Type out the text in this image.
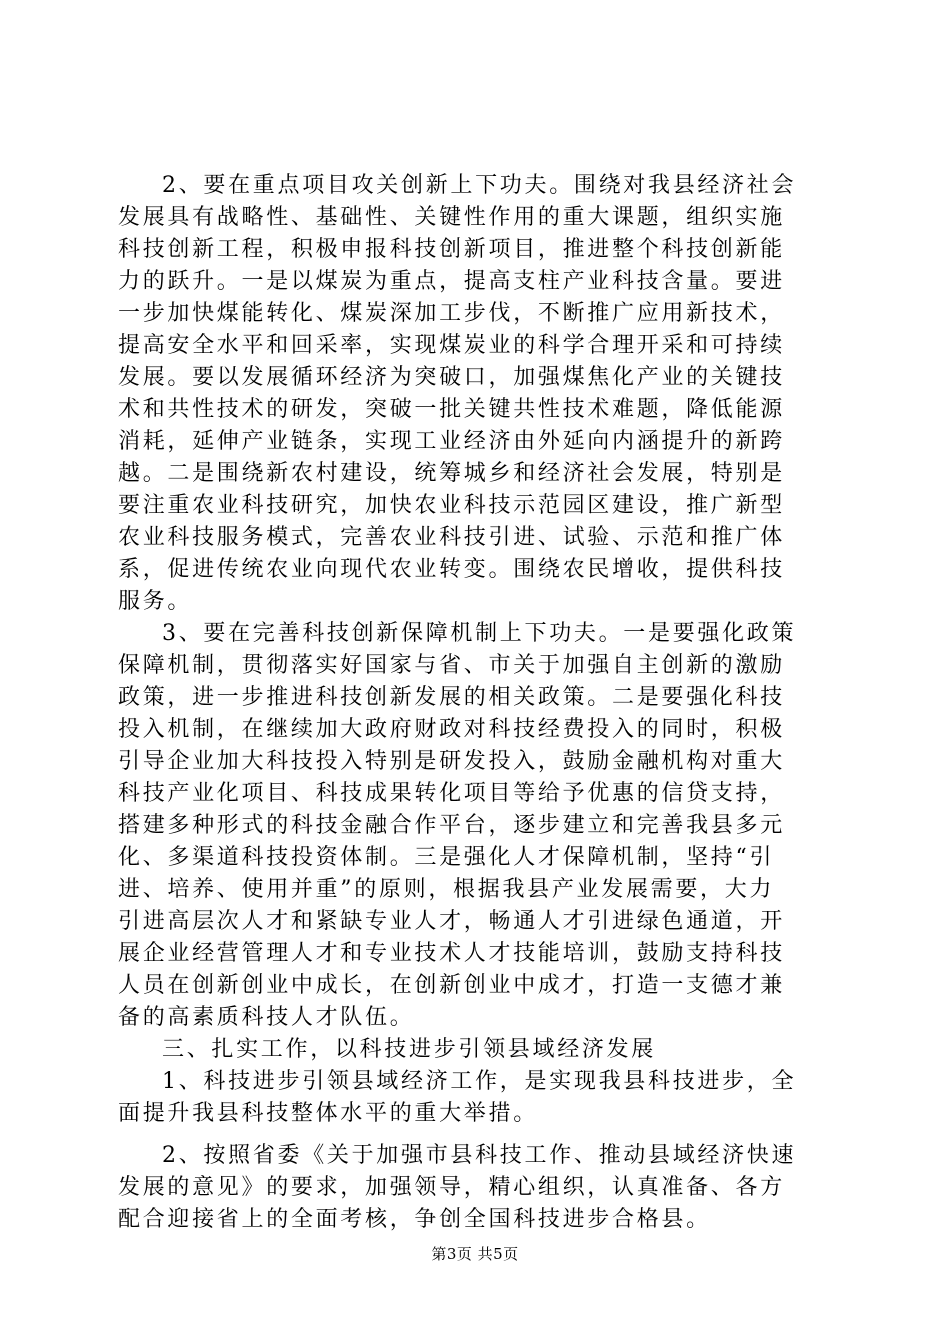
2、要在重点项目攻关创新上下功夫。围绕对我县经济社会
发展具有战略性、基础性、关键性作用的重大课题，组织实施
科技创新工程，积极申报科技创新项目，推进整个科技创新能
力的跃升。一是以煤炭为重点，提高支柱产业科技含量。要进
一步加快煤能转化、煤炭深加工步伐，不断推广应用新技术，
提高安全水平和回采率，实现煤炭业的科学合理开采和可持续
发展。要以发展循环经济为突破口，加强煤焦化产业的关键技
术和共性技术的研发，突破一批关键共性技术难题，降低能源
消耗，延伸产业链条，实现工业经济由外延向内涵提升的新跨
越。二是围绕新农村建设，统筹城乡和经济社会发展，特别是
要注重农业科技研究，加快农业科技示范园区建设，推广新型
农业科技服务模式，完善农业科技引进、试验、示范和推广体
系，促进传统农业向现代农业转变。围绕农民增收，提供科技
服务。
3、要在完善科技创新保障机制上下功夫。一是要强化政策
保障机制，贯彻落实好国家与省、市关于加强自主创新的激励
政策，进一步推进科技创新发展的相关政策。二是要强化科技
投入机制，在继续加大政府财政对科技经费投入的同时，积极
引导企业加大科技投入特别是研发投入，鼓励金融机构对重大
科技产业化项目、科技成果转化项目等给予优惠的信贷支持，
搭建多种形式的科技金融合作平台，逐步建立和完善我县多元
化、多渠道科技投资体制。三是强化人才保障机制，坚持“引
进、培养、使用并重”的原则，根据我县产业发展需要，大力
引进高层次人才和紧缺专业人才，畅通人才引进绿色通道，开
展企业经营管理人才和专业技术人才技能培训，鼓励支持科技
人员在创新创业中成长，在创新创业中成才，打造一支德才兼
备的高素质科技人才队伍。
三、扎实工作，以科技进步引领县域经济发展
1、科技进步引领县域经济工作，是实现我县科技进步，全
面提升我县科技整体水平的重大举措。
2、按照省委《关于加强市县科技工作、推动县域经济快速
发展的意见》的要求，加强领导，精心组织，认真准备、各方
配合迎接省上的全面考核，争创全国科技进步合格县。
第3页 共5页
